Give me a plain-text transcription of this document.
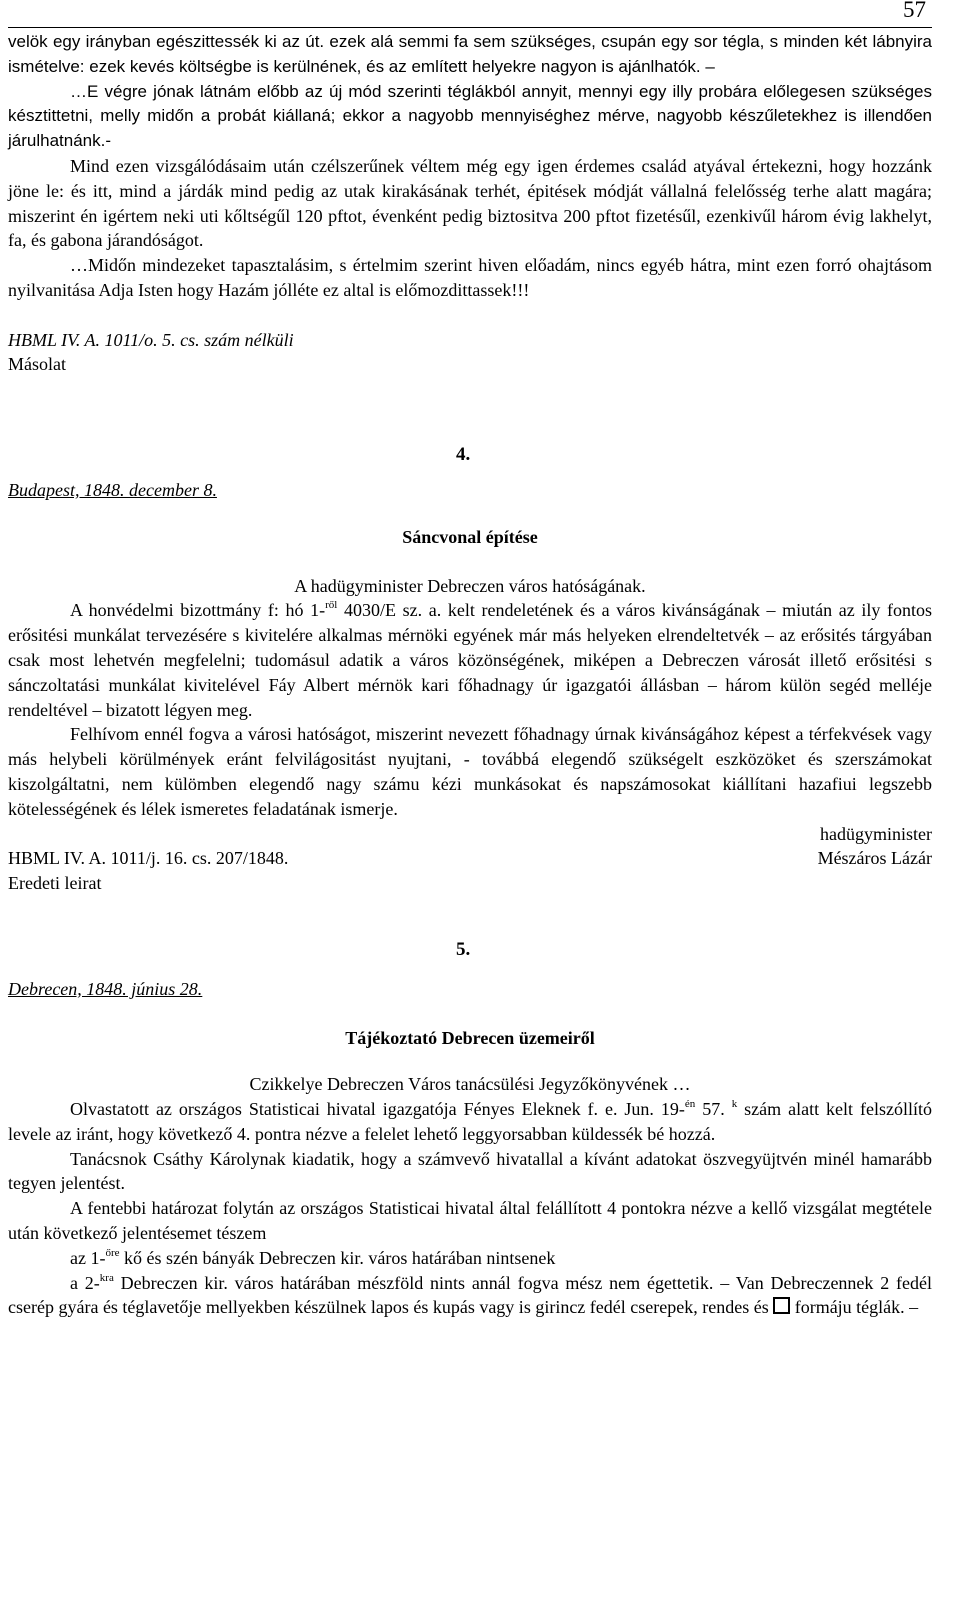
57

velök egy irányban egészittessék ki az út. ezek alá semmi fa sem szükséges, csupán egy sor tégla, s minden két lábnyira ismételve: ezek kevés költségbe is kerülnének, és az említett helyekre nagyon is ajánlhatók. –

…E végre jónak látnám előbb az új mód szerinti téglákból annyit, mennyi egy illy probára előlegesen szükséges késztittetni, melly midőn a probát kiállaná; ekkor a nagyobb mennyiséghez mérve, nagyobb készűletekhez is illendően járulhatnánk.-

Mind ezen vizsgálódásaim után czélszerűnek véltem még egy igen érdemes család atyával értekezni, hogy hozzánk jöne le: és itt, mind a járdák mind pedig az utak kirakásának terhét, épitések módját vállalná felelősség terhe alatt magára; miszerint én igértem neki uti kőltségűl 120 pftot, évenként pedig biztositva 200 pftot fizetésűl, ezenkivűl három évig lakhelyt, fa, és gabona járandóságot.

…Midőn mindezeket tapasztalásim, s értelmim szerint hiven előadám, nincs egyéb hátra, mint ezen forró ohajtásom nyilvanitása Adja Isten hogy Hazám jólléte ez altal is előmozdittassek!!!

HBML IV. A. 1011/o. 5. cs. szám nélküli

Másolat

4.

Budapest, 1848. december 8.

Sáncvonal építése

A hadügyminister Debreczen város hatóságának.

A honvédelmi bizottmány f: hó 1-$^{ről}$ 4030/E sz. a. kelt rendeletének és a város kivánságának – miután az ily fontos erősitési munkálat tervezésére s kivitelére alkalmas mérnöki egyének már más helyeken elrendeltetvék – az erősités tárgyában csak most lehetvén megfelelni; tudomásul adatik a város közönségének, miképen a Debreczen városát illető erősitési s sánczoltatási munkálat kivitelével Fáy Albert mérnök kari főhadnagy úr igazgatói állásban – három külön segéd melléje rendeltével – bizatott légyen meg.

Felhívom ennél fogva a városi hatóságot, miszerint nevezett főhadnagy úrnak kivánságához képest a térfekvések vagy más helybeli körülmények eránt felvilágositást nyujtani, - továbbá elegendő szükségelt eszközöket és szerszámokat kiszolgáltatni, nem külömben elegendő nagy számu kézi munkásokat és napszámosokat kiállítani hazafiui legszebb kötelességének és lélek ismeretes feladatának ismerje.

hadügyminister

Mészáros Lázár

HBML IV. A. 1011/j. 16. cs. 207/1848.

Eredeti leirat

5.

Debrecen, 1848. június 28.

Tájékoztató Debrecen üzemeiről

Czikkelye Debreczen Város tanácsülési Jegyzőkönyvének …

Olvastatott az országos Statisticai hivatal igazgatója Fényes Eleknek f. e. Jun. 19-$^{én}$ 57. $^k$ szám alatt kelt felszóllító levele az iránt, hogy következő 4. pontra nézve a felelet lehető leggyorsabban küldessék bé hozzá.

Tanácsnok Csáthy Károlynak kiadatik, hogy a számvevő hivatallal a kívánt adatokat öszvegyüjtvén minél hamarább tegyen jelentést.

A fentebbi határozat folytán az országos Statisticai hivatal által felállított 4 pontokra nézve a kellő vizsgálat megtétele után következő jelentésemet tészem

az 1-$^{őre}$ kő és szén bányák Debreczen kir. város határában nintsenek

a 2-$^{kra}$ Debreczen kir. város határában mészföld nints annál fogva mész nem égettetik. – Van Debreczennek 2 fedél cserép gyára és téglavetője mellyekben készülnek lapos és kupás vagy is girincz fedél cserepek, rendes és  formáju téglák. –
